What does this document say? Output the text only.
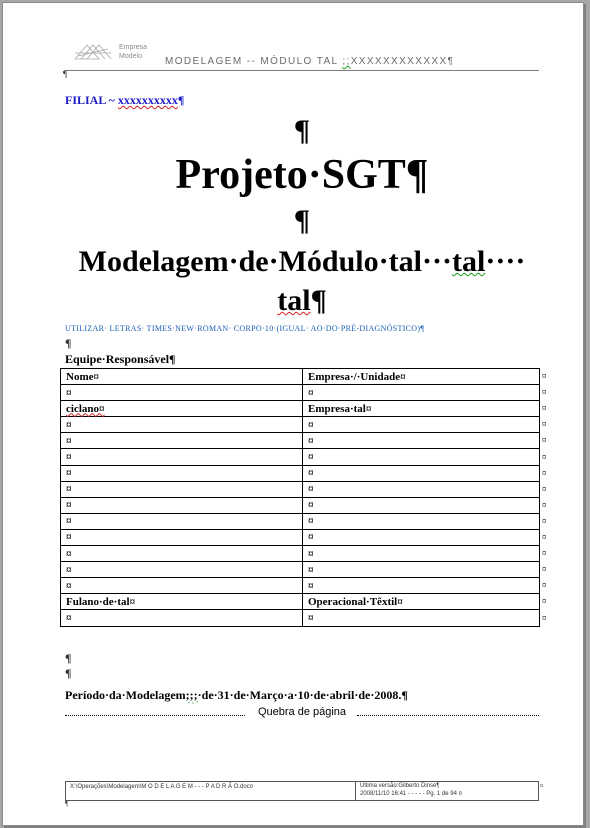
Empresa
Modelo	MODELAGEM -- MÓDULO TAL ;;XXXXXXXXXXXX¶
¶
FILIAL ~ xxxxxxxxxx¶
¶
Projeto·SGT¶
¶
Modelagem·de·Módulo·tal···tal····
tal¶
UTILIZAR· LETRAS· TIMES·NEW·ROMAN· CORPO·10·(IGUAL· AO·DO·PRÉ-DIAGNÓSTICO)¶
¶
Equipe·Responsável¶
Nome¤	Empresa·/·Unidade¤
¤	¤
ciclano¤	Empresa·tal¤
¤	¤
¤	¤
¤	¤
¤	¤
¤	¤
¤	¤
¤	¤
¤	¤
¤	¤
¤	¤
¤	¤
Fulano·de·tal¤	Operacional·Têxtil¤
¤	¤
¤
¤
¤
¤
¤
¤
¤
¤
¤
¤
¤
¤
¤
¤
¤
¤
¶
¶
Período·da·Modelagem;;;·de·31·de·Março·a·10·de·abril·de·2008.¶
Quebra de página
X:\Operações\Modelagem\M O D E L A G E M - - - P A D R Ã O.doc¤	Última versão:Gilberto Dinse¶
2008/11/10 16:41 - - - - - Pg. 1 de 94 ¤
¤
¶
